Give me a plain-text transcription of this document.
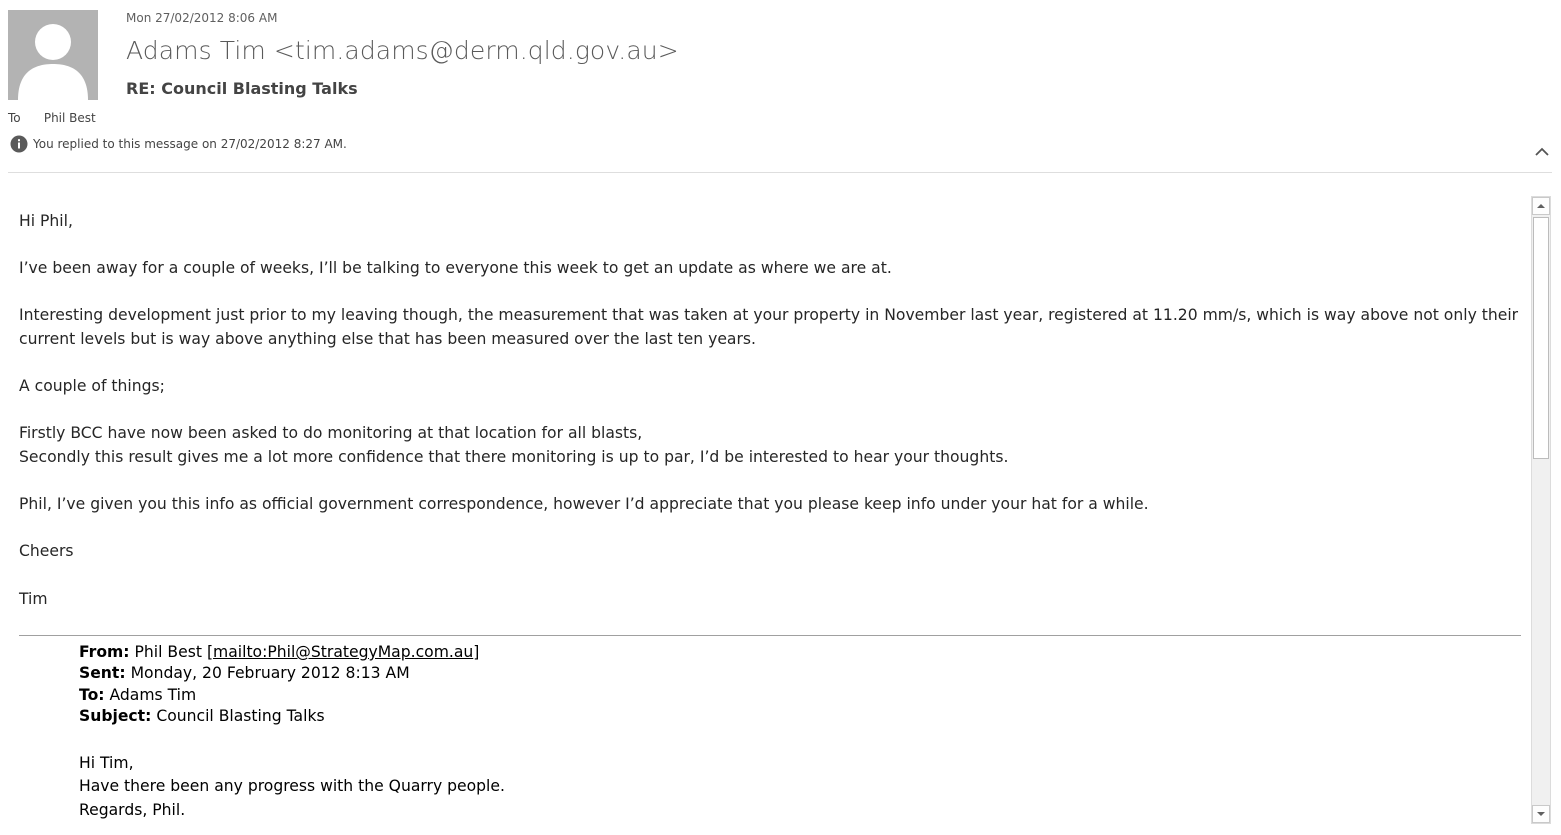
Mon 27/02/2012 8:06 AM
Adams Tim <tim.adams@derm.qld.gov.au>
RE: Council Blasting Talks
To Phil Best
You replied to this message on 27/02/2012 8:27 AM.

Hi Phil,

I’ve been away for a couple of weeks, I’ll be talking to everyone this week to get an update as where we are at.

Interesting development just prior to my leaving though, the measurement that was taken at your property in November last year, registered at 11.20 mm/s, which is way above not only their current levels but is way above anything else that has been measured over the last ten years.

A couple of things;

Firstly BCC have now been asked to do monitoring at that location for all blasts,

Secondly this result gives me a lot more confidence that there monitoring is up to par, I’d be interested to hear your thoughts.

Phil, I’ve given you this info as official government correspondence, however I’d appreciate that you please keep info under your hat for a while.

Cheers

Tim

From: Phil Best [mailto:Phil@StrategyMap.com.au]
Sent: Monday, 20 February 2012 8:13 AM
To: Adams Tim
Subject: Council Blasting Talks
Hi Tim,
Have there been any progress with the Quarry people.
Regards, Phil.
